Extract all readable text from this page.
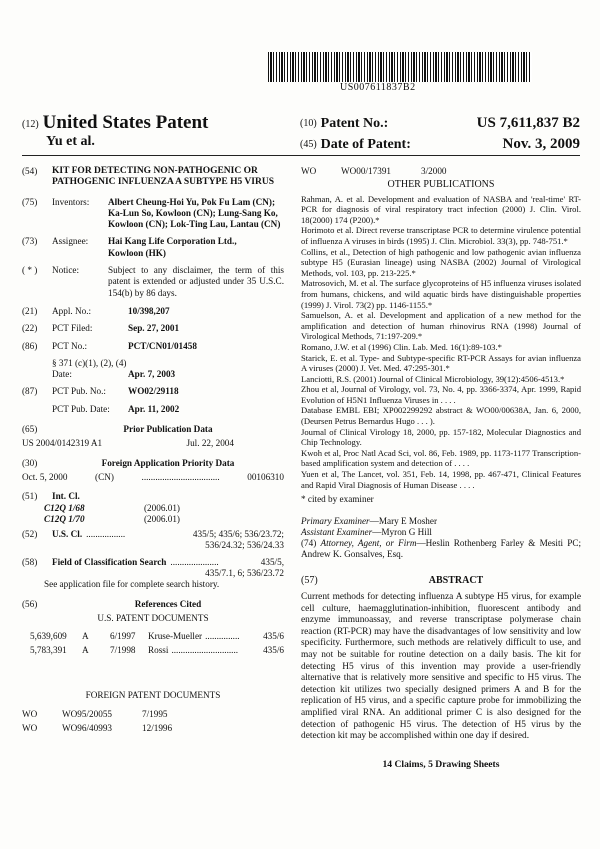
US007611837B2
(12) United States Patent
Yu et al.
(10) Patent No.:	US 7,611,837 B2
(45) Date of Patent:	Nov. 3, 2009
(54)	KIT FOR DETECTING NON-PATHOGENIC OR PATHOGENIC INFLUENZA A SUBTYPE H5 VIRUS
(75)	Inventors:	Albert Cheung-Hoi Yu, Pok Fu Lam (CN); Ka-Lun So, Kowloon (CN); Lung-Sang Ko, Kowloon (CN); Lok-Ting Lau, Lantau (CN)
(73)	Assignee:	Hai Kang Life Corporation Ltd.,
Kowloon (HK)
( * )	Notice:	Subject to any disclaimer, the term of this patent is extended or adjusted under 35 U.S.C. 154(b) by 86 days.
(21)	Appl. No.:	10/398,207
(22)	PCT Filed:	Sep. 27, 2001
(86)	PCT No.:	PCT/CN01/01458
§ 371 (c)(1), (2), (4) Date:	Apr. 7, 2003
(87)	PCT Pub. No.:	WO02/29118
PCT Pub. Date:	Apr. 11, 2002
(65)	Prior Publication Data
US 2004/0142319 A1	Jul. 22, 2004
(30)	Foreign Application Priority Data
Oct. 5, 2000	(CN)	..................................	00106310
(51)	Int. Cl.
C12Q 1/68	(2006.01)
C12Q 1/70	(2006.01)
(52)	U.S. Cl. .................	435/5; 435/6; 536/23.72;
536/24.32; 536/24.33
(58)	Field of Classification Search .....................	435/5,
435/7.1, 6; 536/23.72
See application file for complete search history.
(56)	References Cited
U.S. PATENT DOCUMENTS
5,639,609	A	6/1997	Kruse-Mueller ...............	435/6
5,783,391	A	7/1998	Rossi .............................	435/6
FOREIGN PATENT DOCUMENTS
WO	WO95/20055	7/1995
WO	WO96/40993	12/1996
WO	WO00/17391	3/2000
OTHER PUBLICATIONS
Rahman, A. et al. Development and evaluation of NASBA and 'real-time' RT-PCR for diagnosis of viral respiratory tract infection (2000) J. Clin. Virol. 18(2000) 174 (P200).*
Horimoto et al. Direct reverse transcriptase PCR to determine virulence potential of influenza A viruses in birds (1995) J. Clin. Microbiol. 33(3), pp. 748-751.*
Collins, et al., Detection of high pathogenic and low pathogenic avian influenza subtype H5 (Eurasian lineage) using NASBA (2002) Journal of Virological Methods, vol. 103, pp. 213-225.*
Matrosovich, M. et al. The surface glycoproteins of H5 influenza viruses isolated from humans, chickens, and wild aquatic birds have distinguishable properties (1999) J. Virol. 73(2) pp. 1146-1155.*
Samuelson, A. et al. Development and application of a new method for the amplification and detection of human rhinovirus RNA (1998) Journal of Virological Methods, 71:197-209.*
Romano, J.W. et al (1996) Clin. Lab. Med. 16(1):89-103.*
Starick, E. et al. Type- and Subtype-specific RT-PCR Assays for avian influenza A viruses (2000) J. Vet. Med. 47:295-301.*
Lanciotti, R.S. (2001) Journal of Clinical Microbiology, 39(12):4506-4513.*
Zhou et al, Journal of Virology, vol. 73, No. 4, pp. 3366-3374, Apr. 1999, Rapid Evolution of H5N1 Influenza Viruses in . . . .
Database EMBL EBI; XP002299292 abstract & WO00/00638A, Jan. 6, 2000, (Deursen Petrus Bernardus Hugo . . . ).
Journal of Clinical Virology 18, 2000, pp. 157-182, Molecular Diagnostics and Chip Technology.
Kwoh et al, Proc Natl Acad Sci, vol. 86, Feb. 1989, pp. 1173-1177 Transcription-based amplification system and detection of . . . .
Yuen et al, The Lancet, vol. 351, Feb. 14, 1998, pp. 467-471, Clinical Features and Rapid Viral Diagnosis of Human Disease . . . .
* cited by examiner
Primary Examiner—Mary E Mosher
Assistant Examiner—Myron G Hill
(74) Attorney, Agent, or Firm—Heslin Rothenberg Farley & Mesiti PC; Andrew K. Gonsalves, Esq.
(57)	ABSTRACT
Current methods for detecting influenza A subtype H5 virus, for example cell culture, haemagglutination-inhibition, fluorescent antibody and enzyme immunoassay, and reverse transcriptase polymerase chain reaction (RT-PCR) may have the disadvantages of low sensitivity and low specificity. Furthermore, such methods are relatively difficult to use, and may not be suitable for routine detection on a daily basis. The kit for detecting H5 virus of this invention may provide a user-friendly alternative that is relatively more sensitive and specific to H5 virus. The detection kit utilizes two specially designed primers A and B for the replication of H5 virus, and a specific capture probe for immobilizing the amplified viral RNA. An additional primer C is also designed for the detection of pathogenic H5 virus. The detection of H5 virus by the detection kit may be accomplished within one day if desired.
14 Claims, 5 Drawing Sheets
